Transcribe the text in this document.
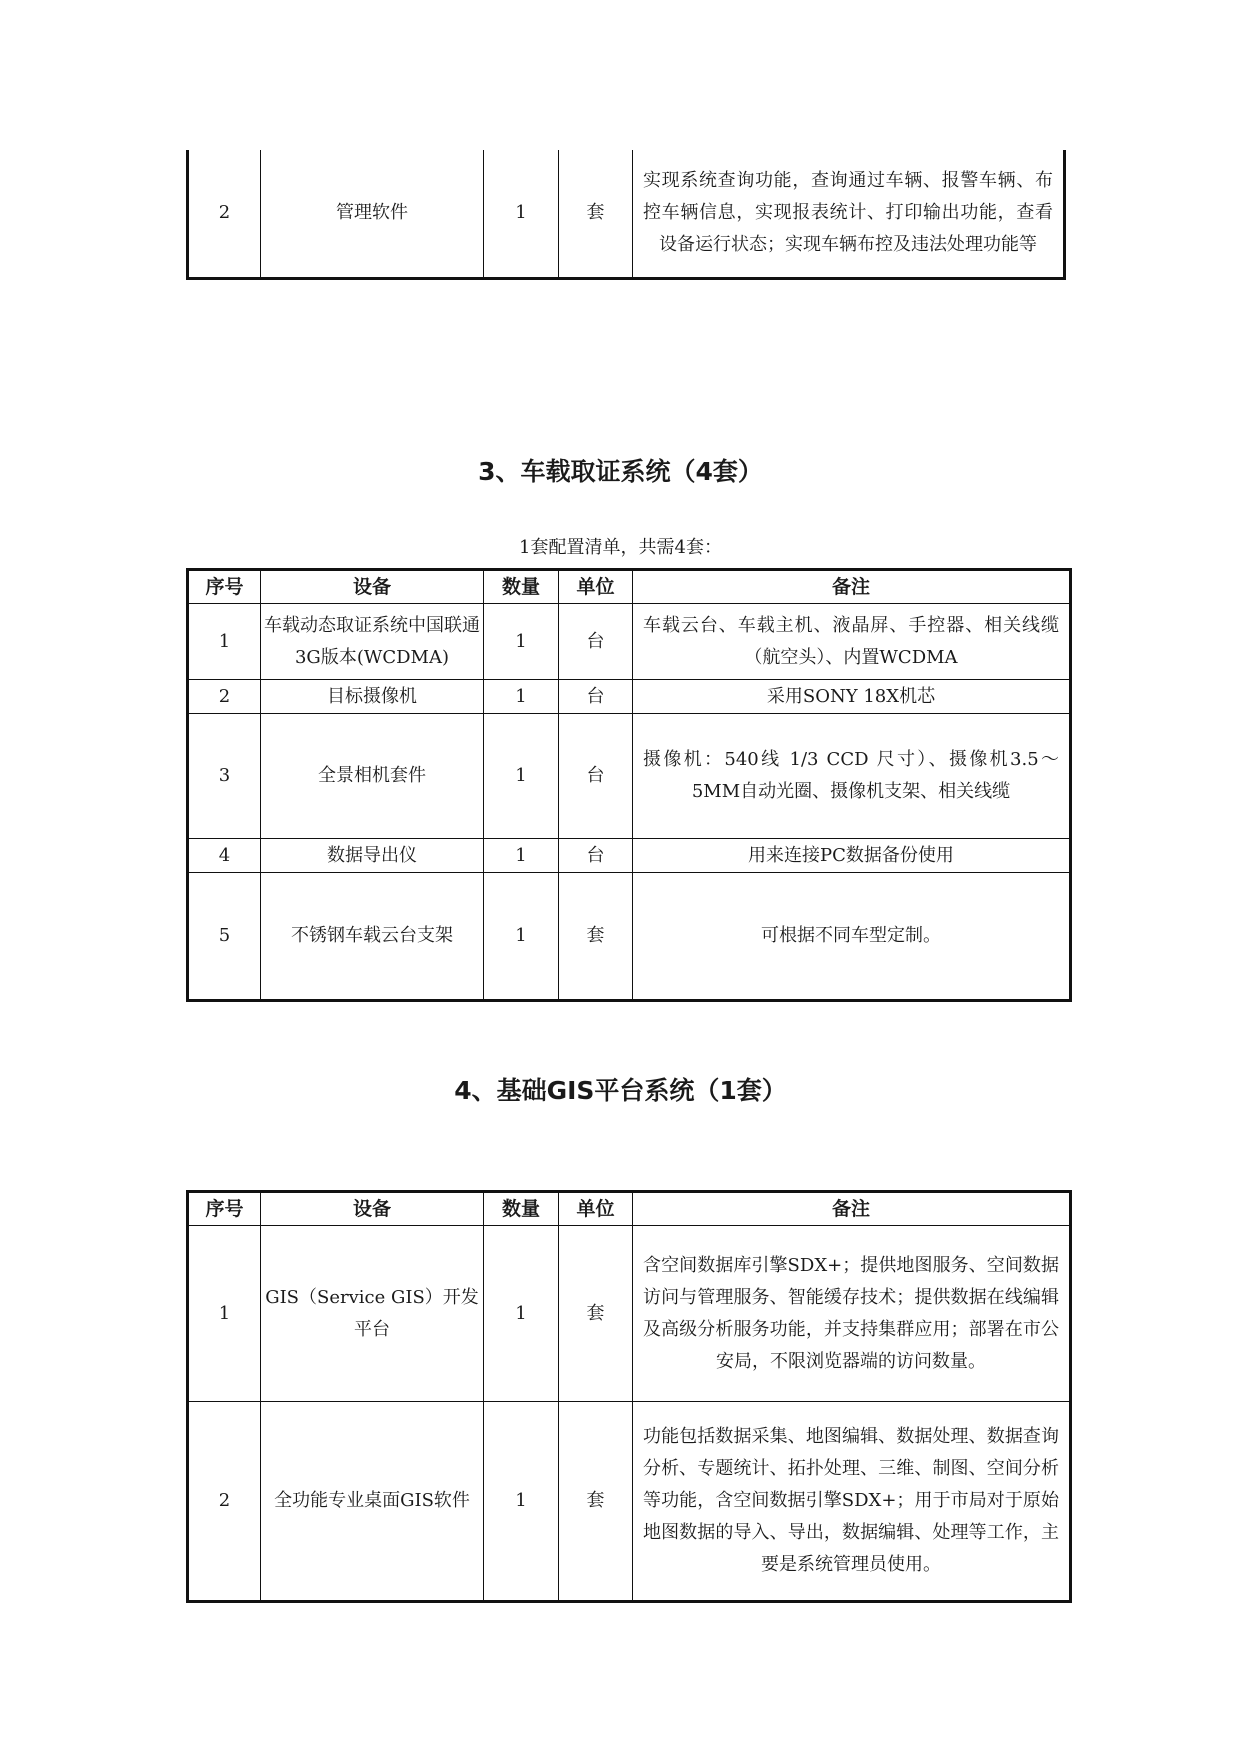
2	管理软件	1	套	实现系统查询功能，查询通过车辆、报警车辆、布控车辆信息，实现报表统计、打印输出功能，查看设备运行状态；实现车辆布控及违法处理功能等
3、车载取证系统（4套）
1套配置清单，共需4套：
序号	设备	数量	单位	备注
1	车载动态取证系统中国联通3G版本(WCDMA)	1	台	车载云台、车载主机、液晶屏、手控器、相关线缆（航空头）、内置WCDMA
2	目标摄像机	1	台	采用SONY 18X机芯
3	全景相机套件	1	台	摄像机：540线 1/3 CCD 尺寸）、摄像机3.5～5MM自动光圈、摄像机支架、相关线缆
4	数据导出仪	1	台	用来连接PC数据备份使用
5	不锈钢车载云台支架	1	套	可根据不同车型定制。
4、基础GIS平台系统（1套）
序号	设备	数量	单位	备注
1	GIS（Service GIS）开发平台	1	套	含空间数据库引擎SDX+；提供地图服务、空间数据访问与管理服务、智能缓存技术；提供数据在线编辑及高级分析服务功能，并支持集群应用；部署在市公安局，不限浏览器端的访问数量。
2	全功能专业桌面GIS软件	1	套	功能包括数据采集、地图编辑、数据处理、数据查询分析、专题统计、拓扑处理、三维、制图、空间分析等功能，含空间数据引擎SDX+；用于市局对于原始地图数据的导入、导出，数据编辑、处理等工作，主要是系统管理员使用。
